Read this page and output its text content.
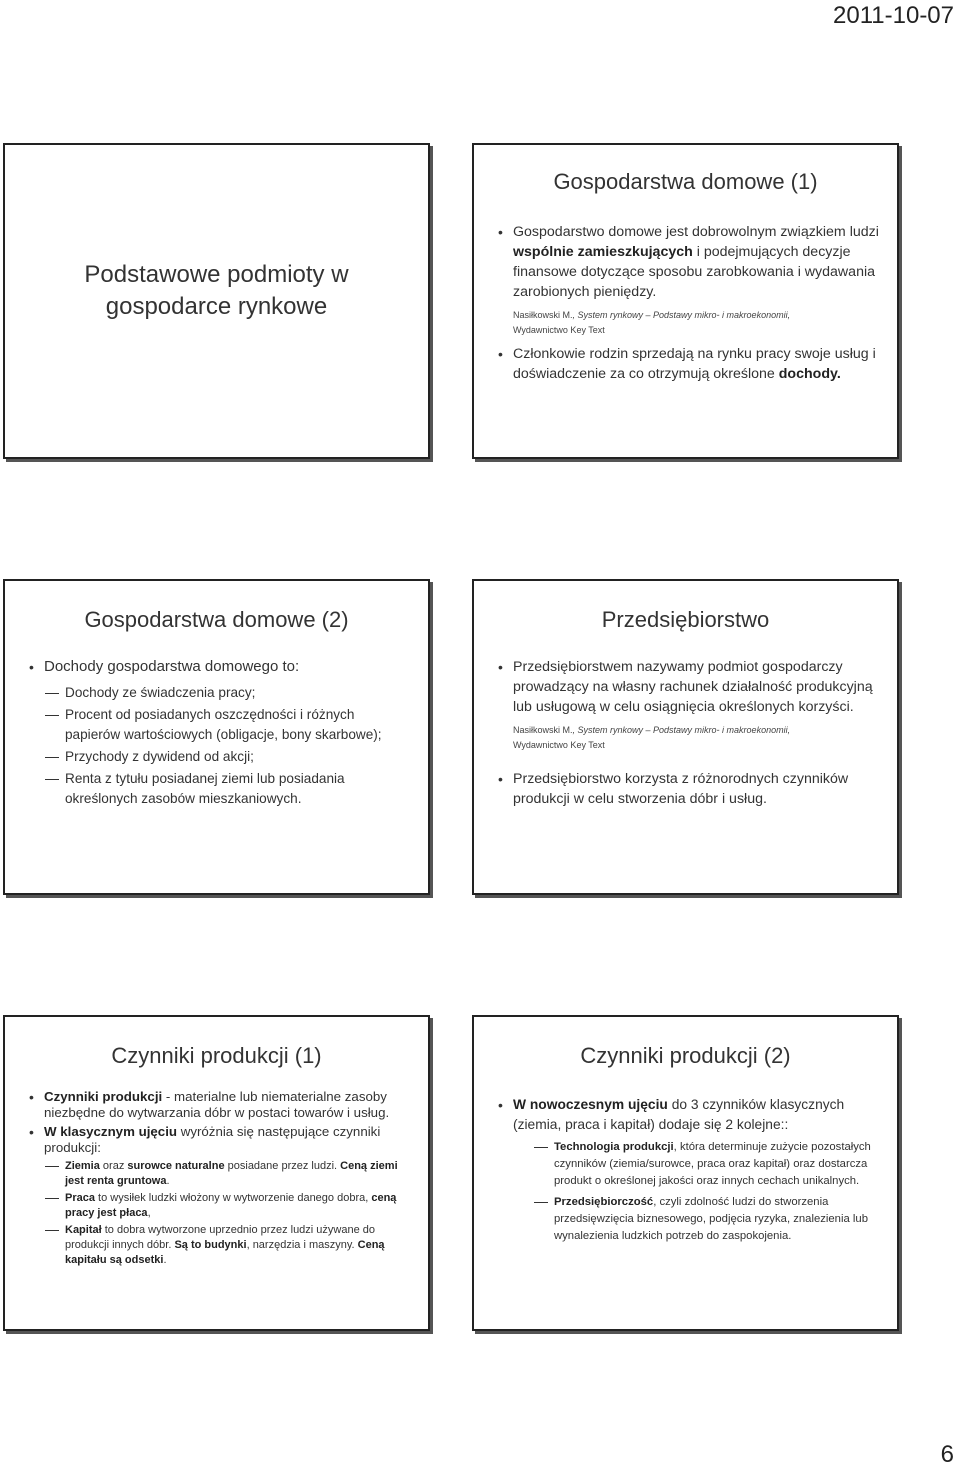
2011-10-07
Podstawowe podmioty w
gospodarce rynkowe
Gospodarstwa domowe (1)
• Gospodarstwo domowe jest dobrowolnym związkiem ludzi wspólnie zamieszkujących i podejmujących decyzje finansowe dotyczące sposobu zarobkowania i wydawania zarobionych pieniędzy.
Nasiłkowski M., System rynkowy – Podstawy mikro- i makroekonomii,
Wydawnictwo Key Text
• Członkowie rodzin sprzedają na rynku pracy swoje usług i doświadczenie za co otrzymują określone dochody.
Gospodarstwa domowe (2)
• Dochody gospodarstwa domowego to:
Dochody ze świadczenia pracy;
Procent od posiadanych oszczędności i różnych papierów wartościowych (obligacje, bony skarbowe);
Przychody z dywidend od akcji;
Renta z tytułu posiadanej ziemi lub posiadania określonych zasobów mieszkaniowych.
Przedsiębiorstwo
• Przedsiębiorstwem nazywamy podmiot gospodarczy prowadzący na własny rachunek działalność produkcyjną lub usługową w celu osiągnięcia określonych korzyści.
Nasiłkowski M., System rynkowy – Podstawy mikro- i makroekonomii,
Wydawnictwo Key Text
• Przedsiębiorstwo korzysta z różnorodnych czynników produkcji w celu stworzenia dóbr i usług.
Czynniki produkcji (1)
• Czynniki produkcji - materialne lub niematerialne zasoby niezbędne do wytwarzania dóbr w postaci towarów i usług.
• W klasycznym ujęciu wyróżnia się następujące czynniki produkcji:
Ziemia oraz surowce naturalne posiadane przez ludzi. Ceną ziemi jest renta gruntowa.
Praca to wysiłek ludzki włożony w wytworzenie danego dobra, ceną pracy jest płaca,
Kapitał to dobra wytworzone uprzednio przez ludzi używane do produkcji innych dóbr. Są to budynki, narzędzia i maszyny. Ceną kapitału są odsetki.
Czynniki produkcji (2)
• W nowoczesnym ujęciu do 3 czynników klasycznych (ziemia, praca i kapitał) dodaje się 2 kolejne::
Technologia produkcji, która determinuje zużycie pozostałych czynników (ziemia/surowce, praca oraz kapitał) oraz dostarcza produkt o określonej jakości oraz innych cechach unikalnych.
Przedsiębiorczość, czyli zdolność ludzi do stworzenia przedsięwzięcia biznesowego, podjęcia ryzyka, znalezienia lub wynalezienia ludzkich potrzeb do zaspokojenia.
6
